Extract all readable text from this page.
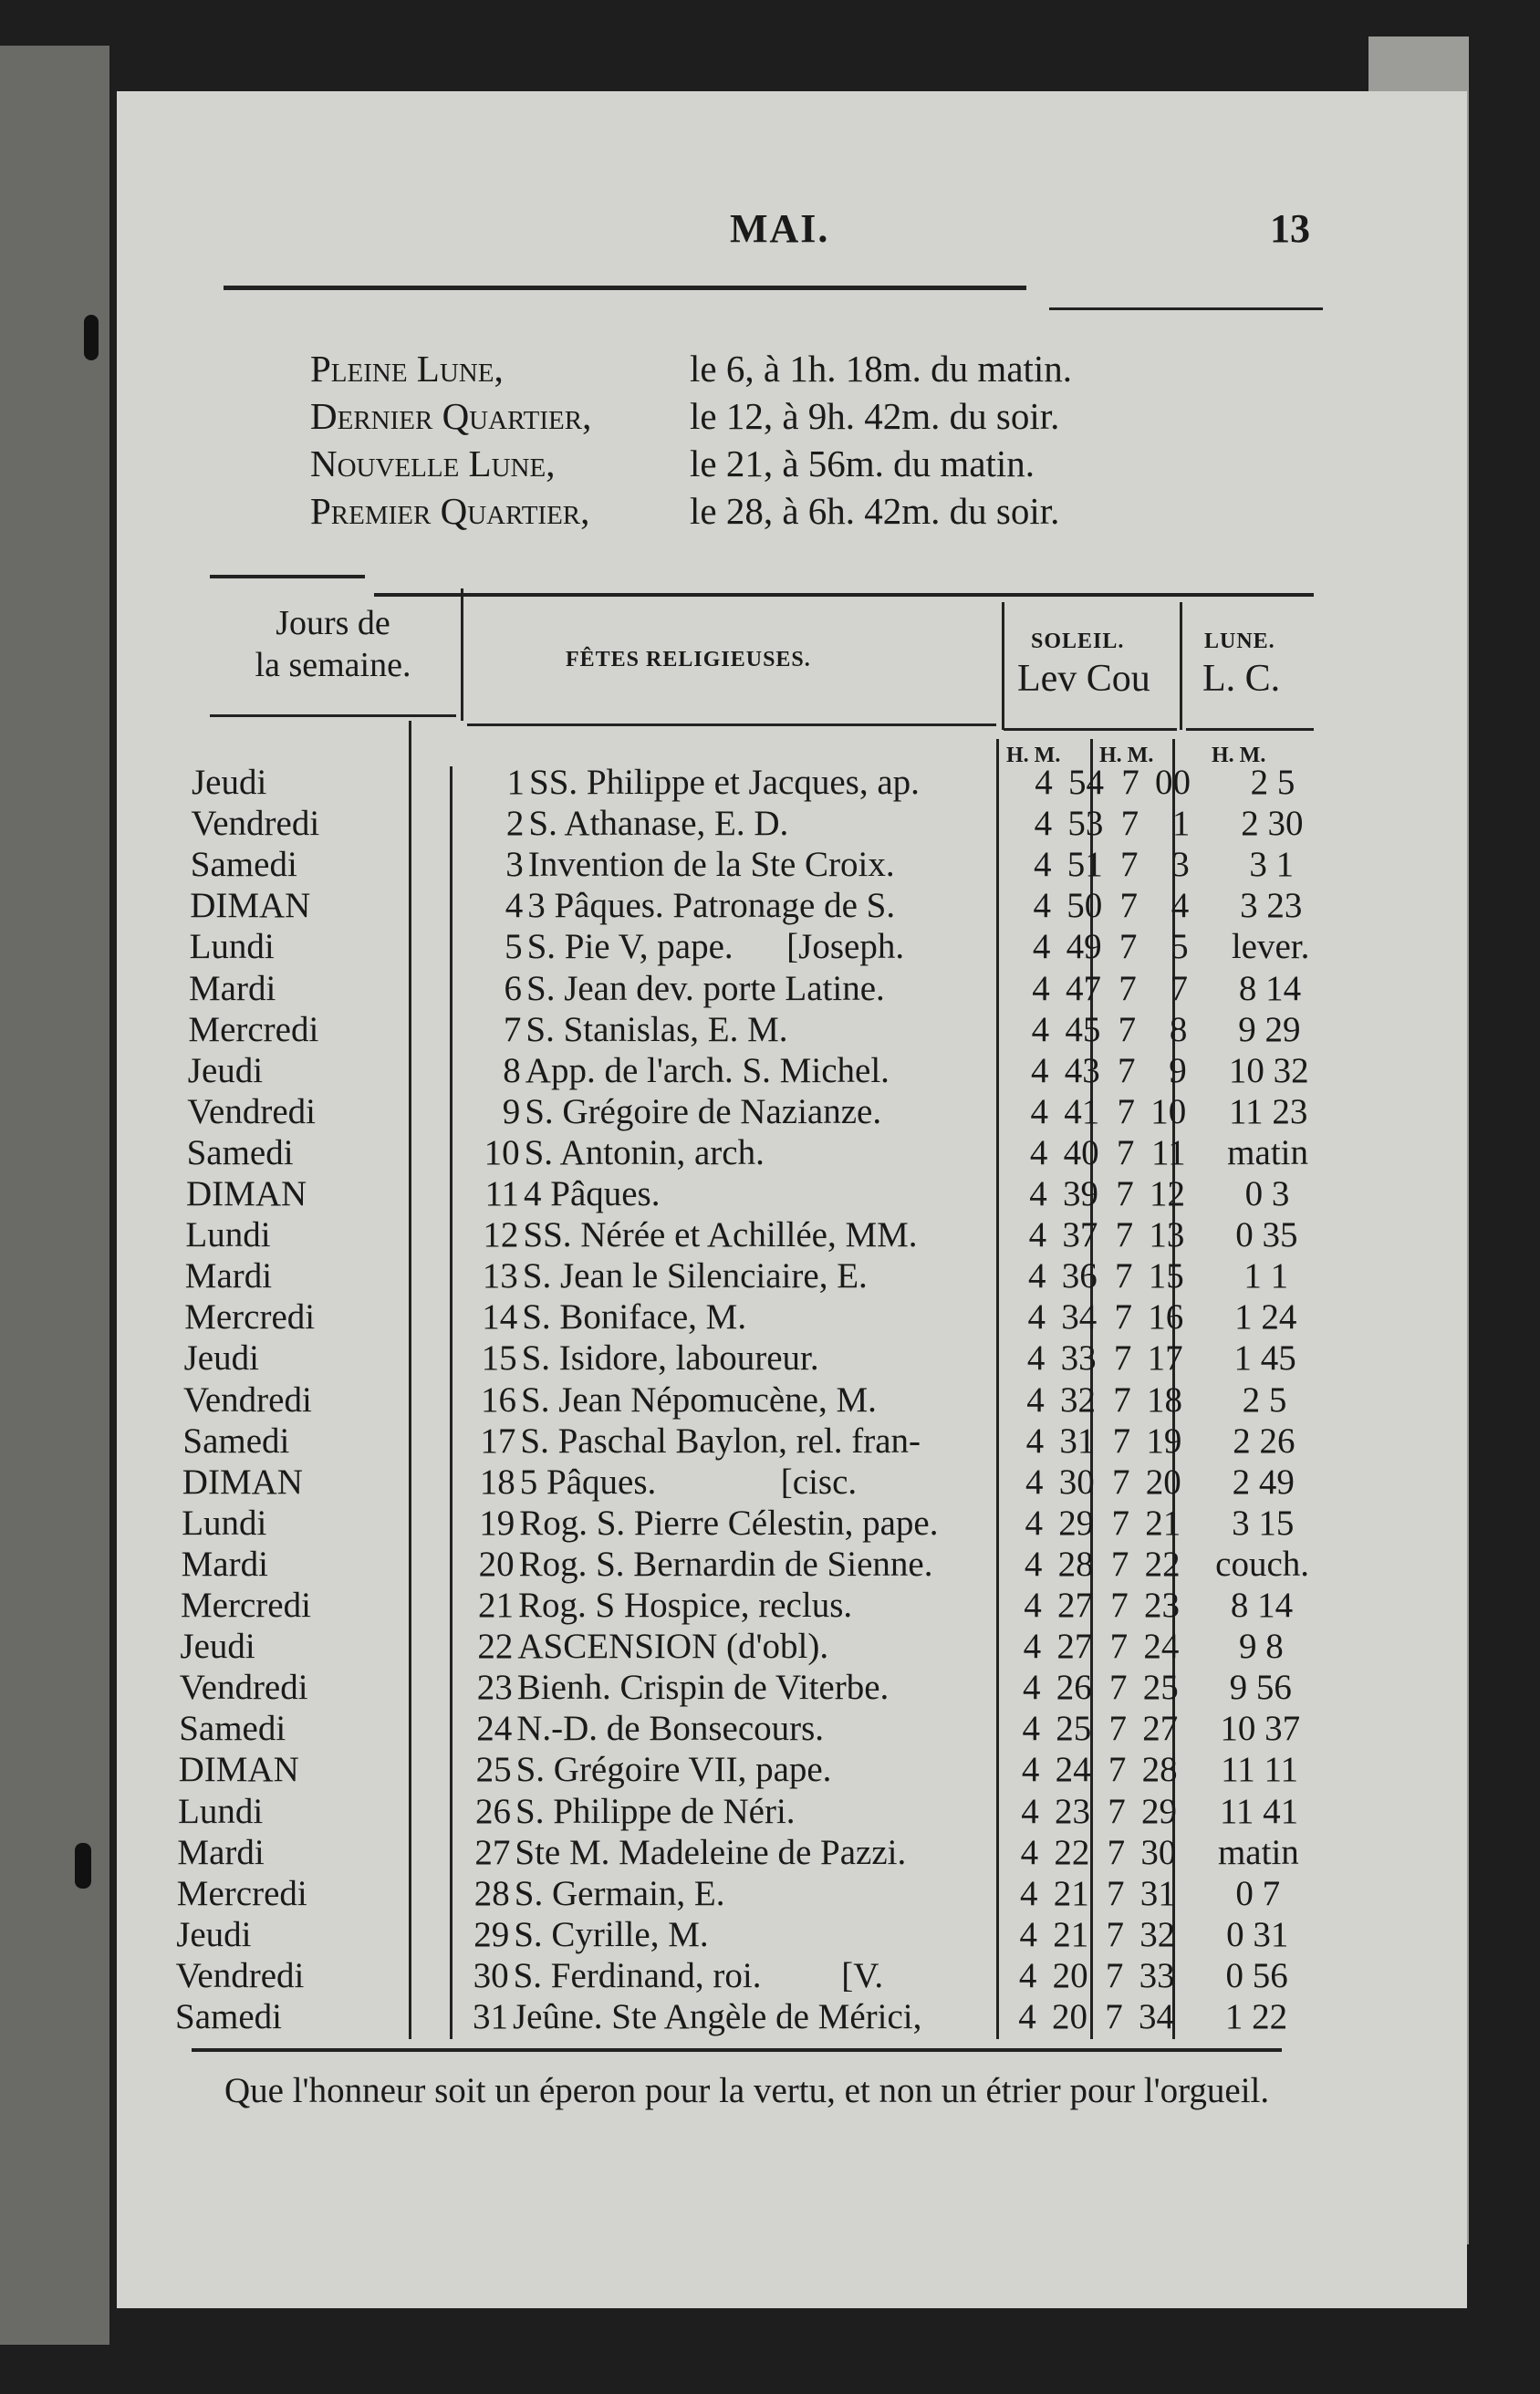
MAI.	13
Pleine Lune,	le 6, à 1h. 18m. du matin.
Dernier Quartier,	le 12, à 9h. 42m. du soir.
Nouvelle Lune,	le 21, à 56m. du matin.
Premier Quartier,	le 28, à 6h. 42m. du soir.
Jours de
la semaine.	FÊTES RELIGIEUSES.
SOLEIL.
Lev Cou
LUNE.
L. C.
H. M. H. M.	H. M.
Jeudi	1 SS. Philippe et Jacques, ap.	4 54 7 00	2 5
Vendredi	2 S. Athanase, E. D.	4 53 7 1	2 30
Samedi	3 Invention de la Ste Croix.	4 51 7 3	3 1
DIMAN	4 3 Pâques. Patronage de S.	4 50 7 4	3 23
Lundi	5 S. Pie V, pape.      [Joseph.	4 49 7 5	lever.
Mardi	6 S. Jean dev. porte Latine.	4 47 7 7	8 14
Mercredi	7 S. Stanislas, E. M.	4 45 7 8	9 29
Jeudi	8 App. de l'arch. S. Michel.	4 43 7 9	10 32
Vendredi	9 S. Grégoire de Nazianze.	4 41 7 10	11 23
Samedi	10 S. Antonin, arch.	4 40 7 11	matin
DIMAN	11 4 Pâques.	4 39 7 12	0 3
Lundi	12 SS. Nérée et Achillée, MM.	4 37 7 13	0 35
Mardi	13 S. Jean le Silenciaire, E.	4 36 7 15	1 1
Mercredi	14 S. Boniface, M.	4 34 7 16	1 24
Jeudi	15 S. Isidore, laboureur.	4 33 7 17	1 45
Vendredi	16 S. Jean Népomucène, M.	4 32 7 18	2 5
Samedi	17 S. Paschal Baylon, rel. fran-	4 31 7 19	2 26
DIMAN	18 5 Pâques.              [cisc.	4 30 7 20	2 49
Lundi	19 Rog. S. Pierre Célestin, pape. 4 29 7 21	3 15
Mardi	20 Rog. S. Bernardin de Sienne.	4 28 7 22 couch.
Mercredi	21 Rog. S Hospice, reclus.	4 27 7 23	8 14
Jeudi	22 ASCENSION (d'obl).	4 27 7 24	9 8
Vendredi	23 Bienh. Crispin de Viterbe.	4 26 7 25	9 56
Samedi	24 N.-D. de Bonsecours.	4 25 7 27	10 37
DIMAN	25 S. Grégoire VII, pape.	4 24 7 28	11 11
Lundi	26 S. Philippe de Néri.	4 23 7 29	11 41
Mardi	27 Ste M. Madeleine de Pazzi.	4 22 7 30	matin
Mercredi	28 S. Germain, E.	4 21 7 31	0 7
Jeudi	29 S. Cyrille, M.	4 21 7 32	0 31
Vendredi	30 S. Ferdinand, roi.         [V.	4 20 7 33	0 56
Samedi	31 Jeûne. Ste Angèle de Mérici,	4 20 7 34	1 22
Que l'honneur soit un éperon pour la vertu, et non un étrier pour l'orgueil.
